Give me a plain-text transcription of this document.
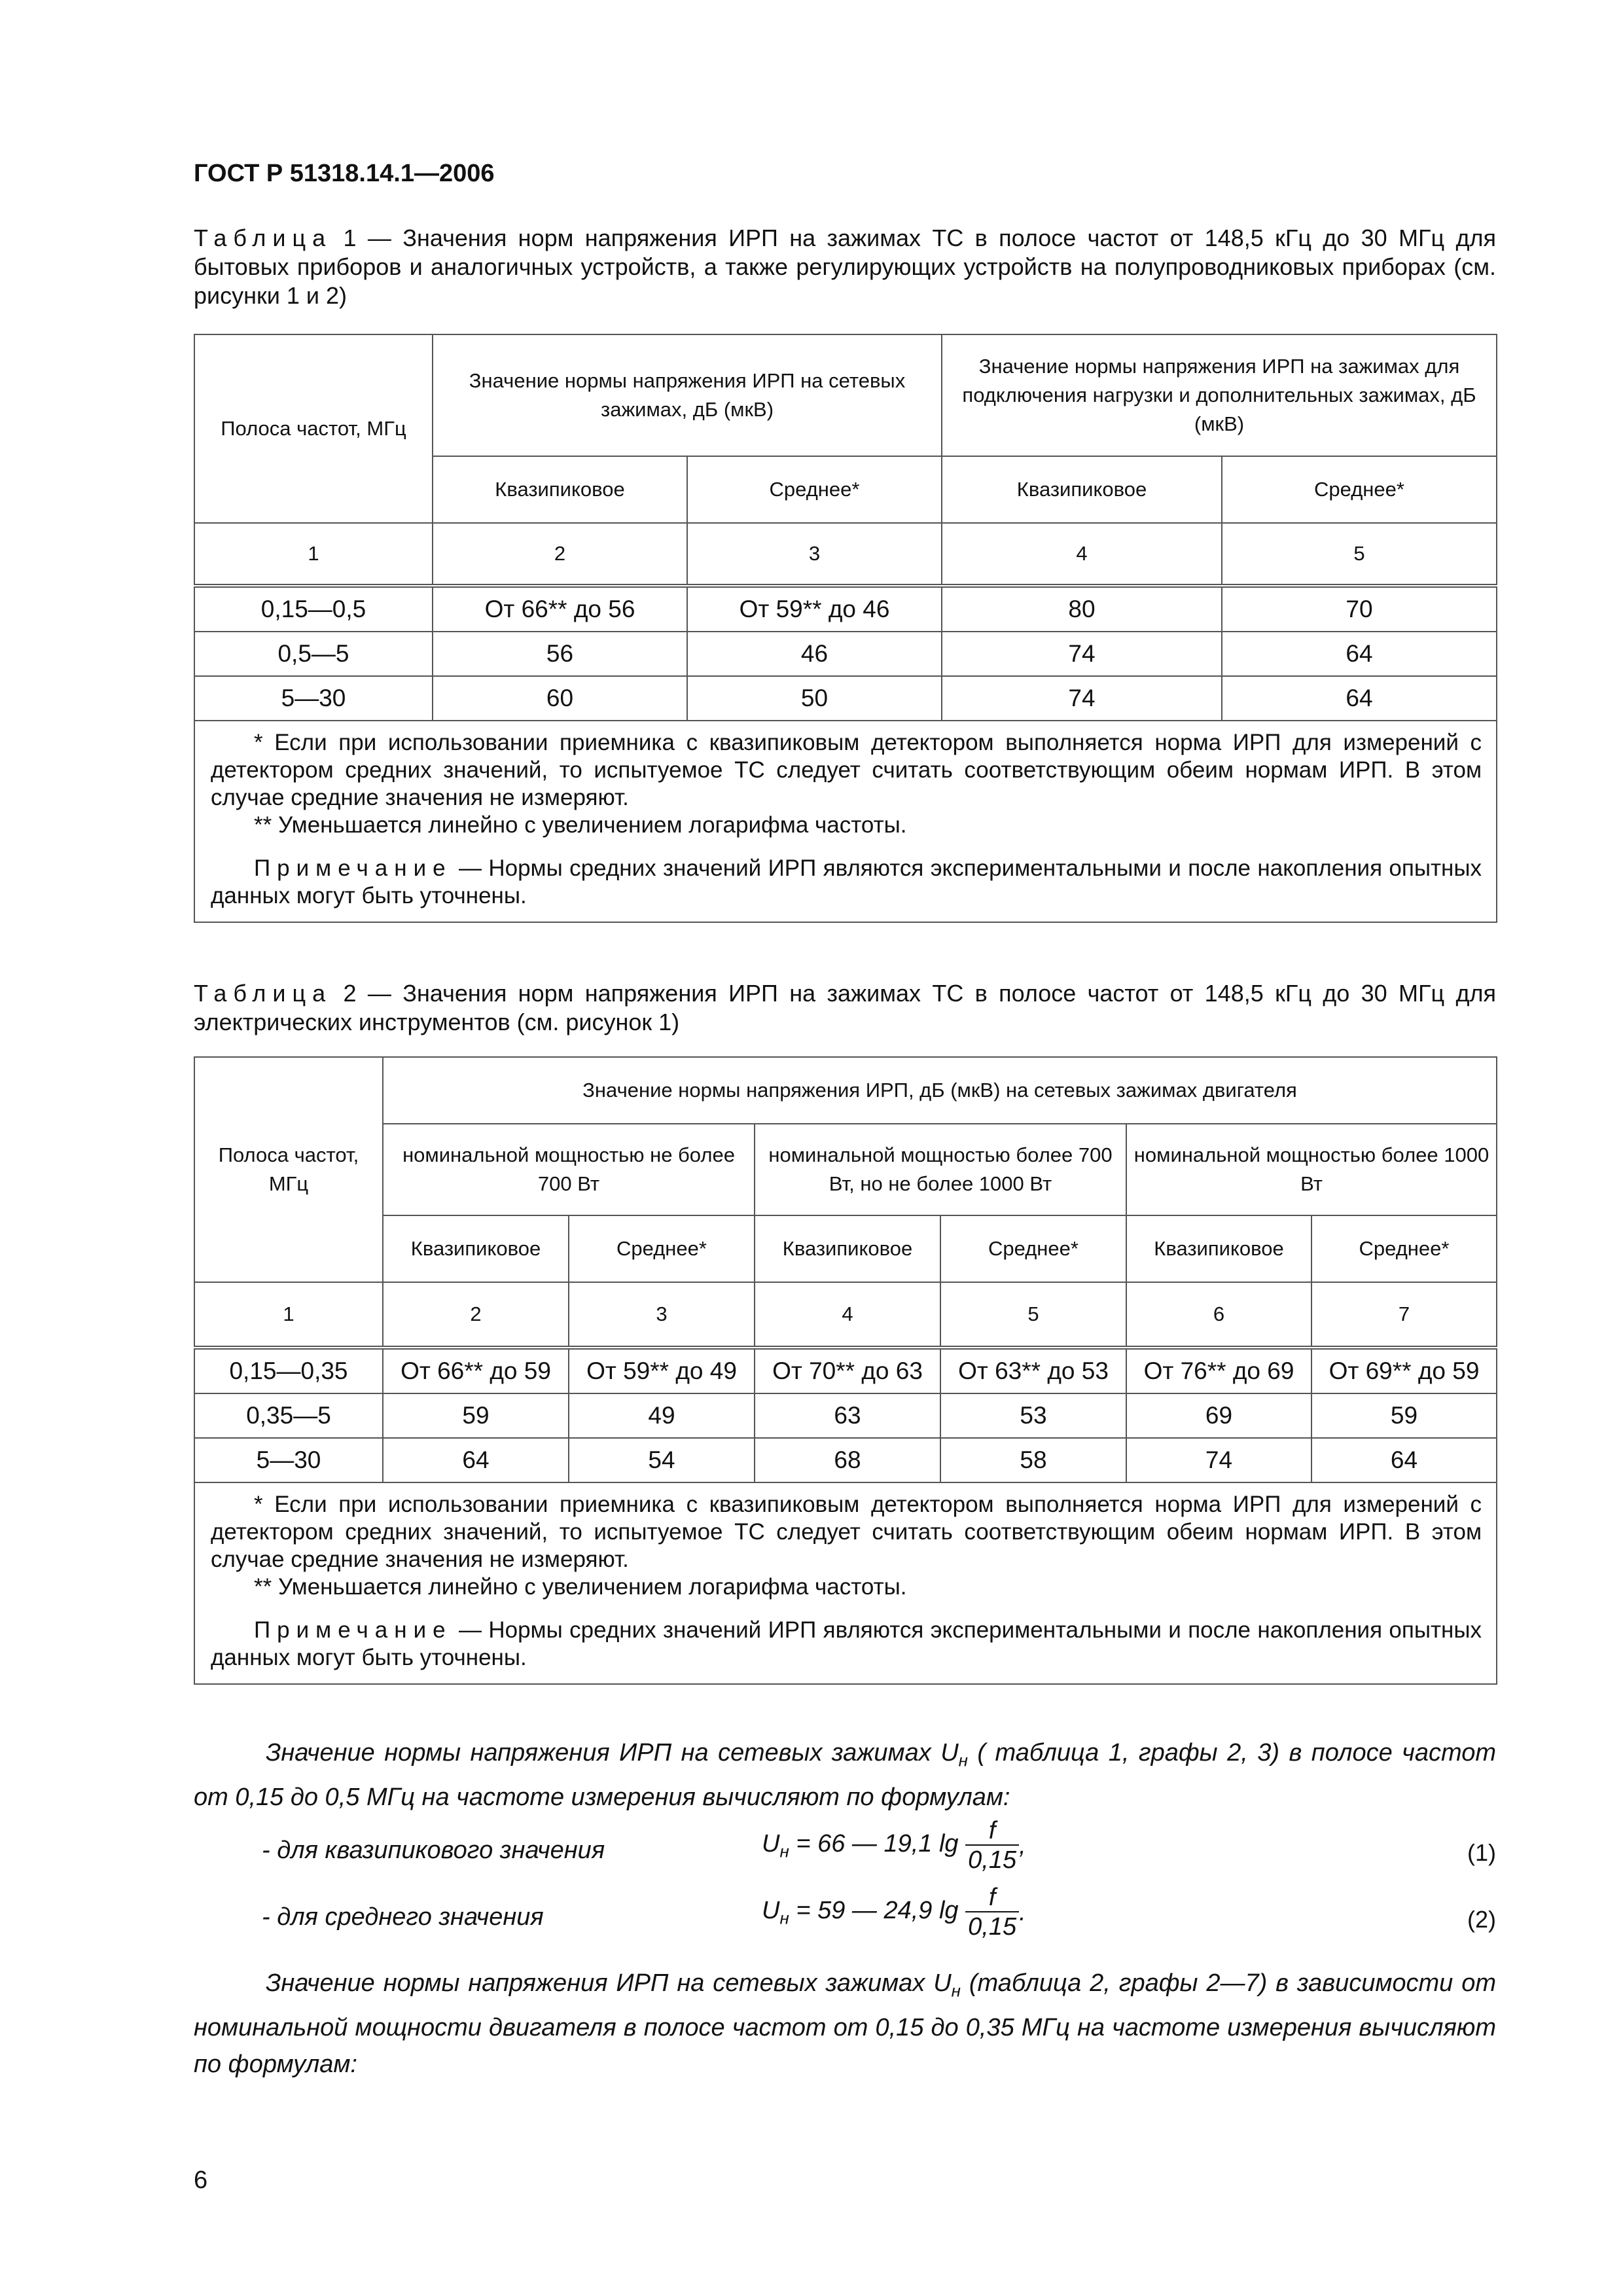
ГОСТ Р 51318.14.1—2006
Таблица 1 — Значения норм напряжения ИРП на зажимах ТС в полосе частот от 148,5 кГц до 30 МГц для бытовых приборов и аналогичных устройств, а также регулирующих устройств на полупроводниковых приборах (см. рисунки 1 и 2)
Полоса частот, МГц	Значение нормы напряжения ИРП на сетевых зажимах, дБ (мкВ)		Значение нормы напряжения ИРП на зажимах для подключения нагрузки и дополнительных зажимах, дБ (мкВ)	
	Квазипиковое	Среднее*	Квазипиковое	Среднее*
1	2	3	4	5
0,15—0,5	От 66** до 56	От 59** до 46	80	70
0,5—5	56	46	74	64
5—30	60	50	74	64

* Если при использовании приемника с квазипиковым детектором выполняется норма ИРП для измерений с детектором средних значений, то испытуемое ТС следует считать соответствующим обеим нормам ИРП. В этом случае средние значения не измеряют.

** Уменьшается линейно с увеличением логарифма частоты.

Примечание — Нормы средних значений ИРП являются экспериментальными и после накопления опытных данных могут быть уточнены.				

Таблица 2 — Значения норм напряжения ИРП на зажимах ТС в полосе частот от 148,5 кГц до 30 МГц для электрических инструментов (см. рисунок 1)
Полоса частот, МГц	Значение нормы напряжения ИРП, дБ (мкВ) на сетевых зажимах двигателя					
	номинальной мощностью не более 700 Вт		номинальной мощностью более 700 Вт, но не более 1000 Вт		номинальной мощностью более 1000 Вт	
	Квазипиковое	Среднее*	Квазипиковое	Среднее*	Квазипиковое	Среднее*
1	2	3	4	5	6	7
0,15—0,35	От 66** до 59	От 59** до 49	От 70** до 63	От 63** до 53	От 76** до 69	От 69** до 59
0,35—5	59	49	63	53	69	59
5—30	64	54	68	58	74	64

* Если при использовании приемника с квазипиковым детектором выполняется норма ИРП для измерений с детектором средних значений, то испытуемое ТС следует считать соответствующим обеим нормам ИРП. В этом случае средние значения не измеряют.

** Уменьшается линейно с увеличением логарифма частоты.

Примечание — Нормы средних значений ИРП являются экспериментальными и после накопления опытных данных могут быть уточнены.						

Значение нормы напряжения ИРП на сетевых зажимах $U_н$ ( таблица 1, графы 2, 3) в полосе частот от 0,15 до 0,5 МГц на частоте измерения вычисляют по формулам:
- для квазипикового значения	$U_н = 66$ — 19,1 $\lg \frac{f}{0,15}$ ,	(1)
- для среднего значения	$U_н = 59$ — 24,9 $\lg \frac{f}{0,15}$ .	(2)
Значение нормы напряжения ИРП на сетевых зажимах $U_н$ (таблица 2, графы 2—7) в зависимости от номинальной мощности двигателя в полосе частот от 0,15 до 0,35 МГц на частоте измерения вычисляют по формулам:
6
